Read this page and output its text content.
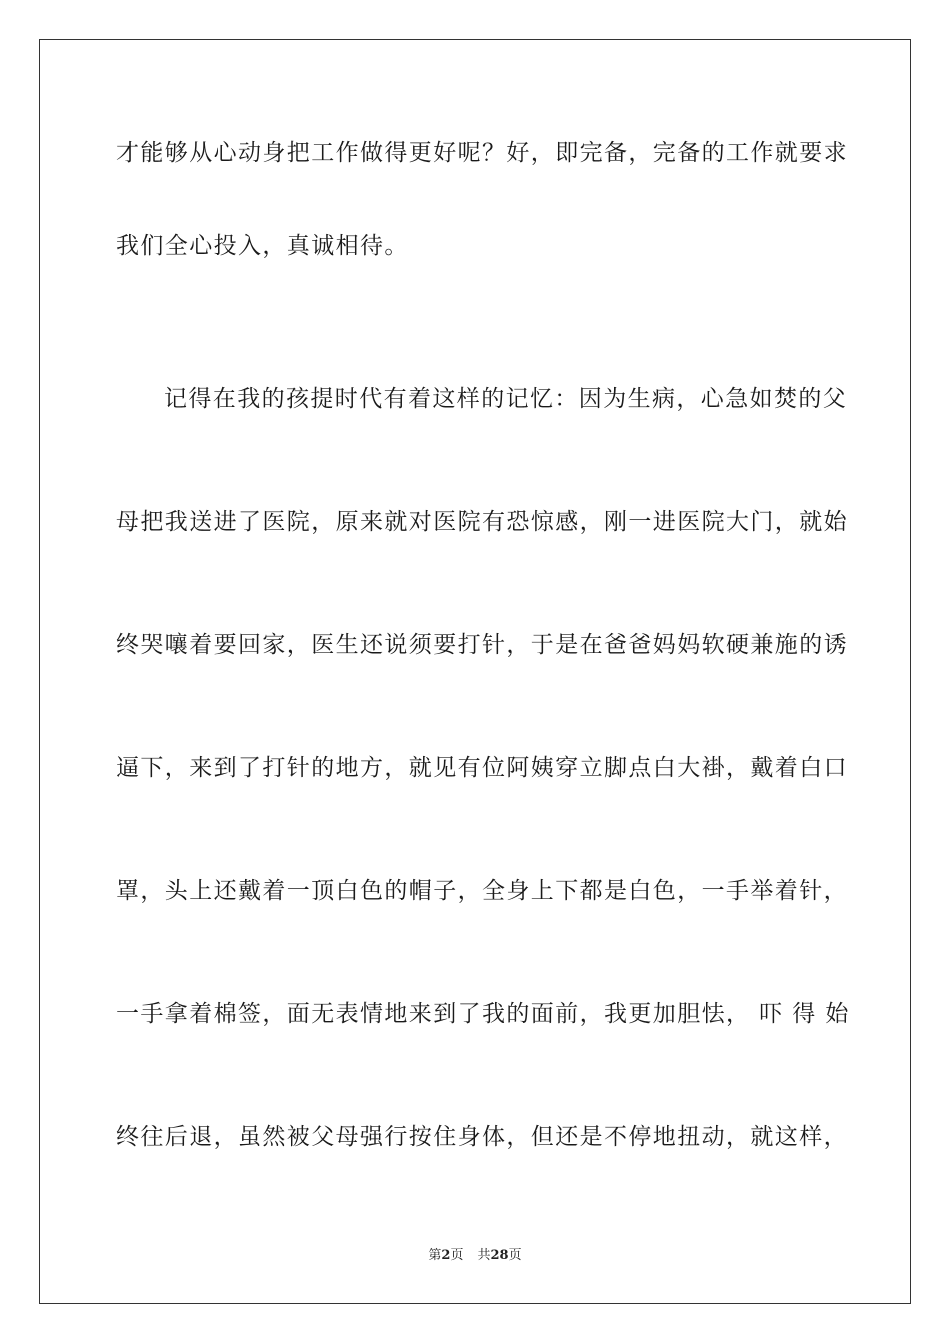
才能够从心动身把工作做得更好呢？好，即完备，完备的工作就要求
我们全心投入，真诚相待。
记得在我的孩提时代有着这样的记忆：因为生病，心急如焚的父
母把我送进了医院，原来就对医院有恐惊感，刚一进医院大门，就始
终哭嚷着要回家，医生还说须要打针，于是在爸爸妈妈软硬兼施的诱
逼下，来到了打针的地方，就见有位阿姨穿立脚点白大褂，戴着白口
罩，头上还戴着一顶白色的帽子，全身上下都是白色，一手举着针，
一手拿着棉签，面无表情地来到了我的面前，我更加胆怯， 吓 得 始
终往后退，虽然被父母强行按住身体，但还是不停地扭动，就这样，
第2页 共28页
